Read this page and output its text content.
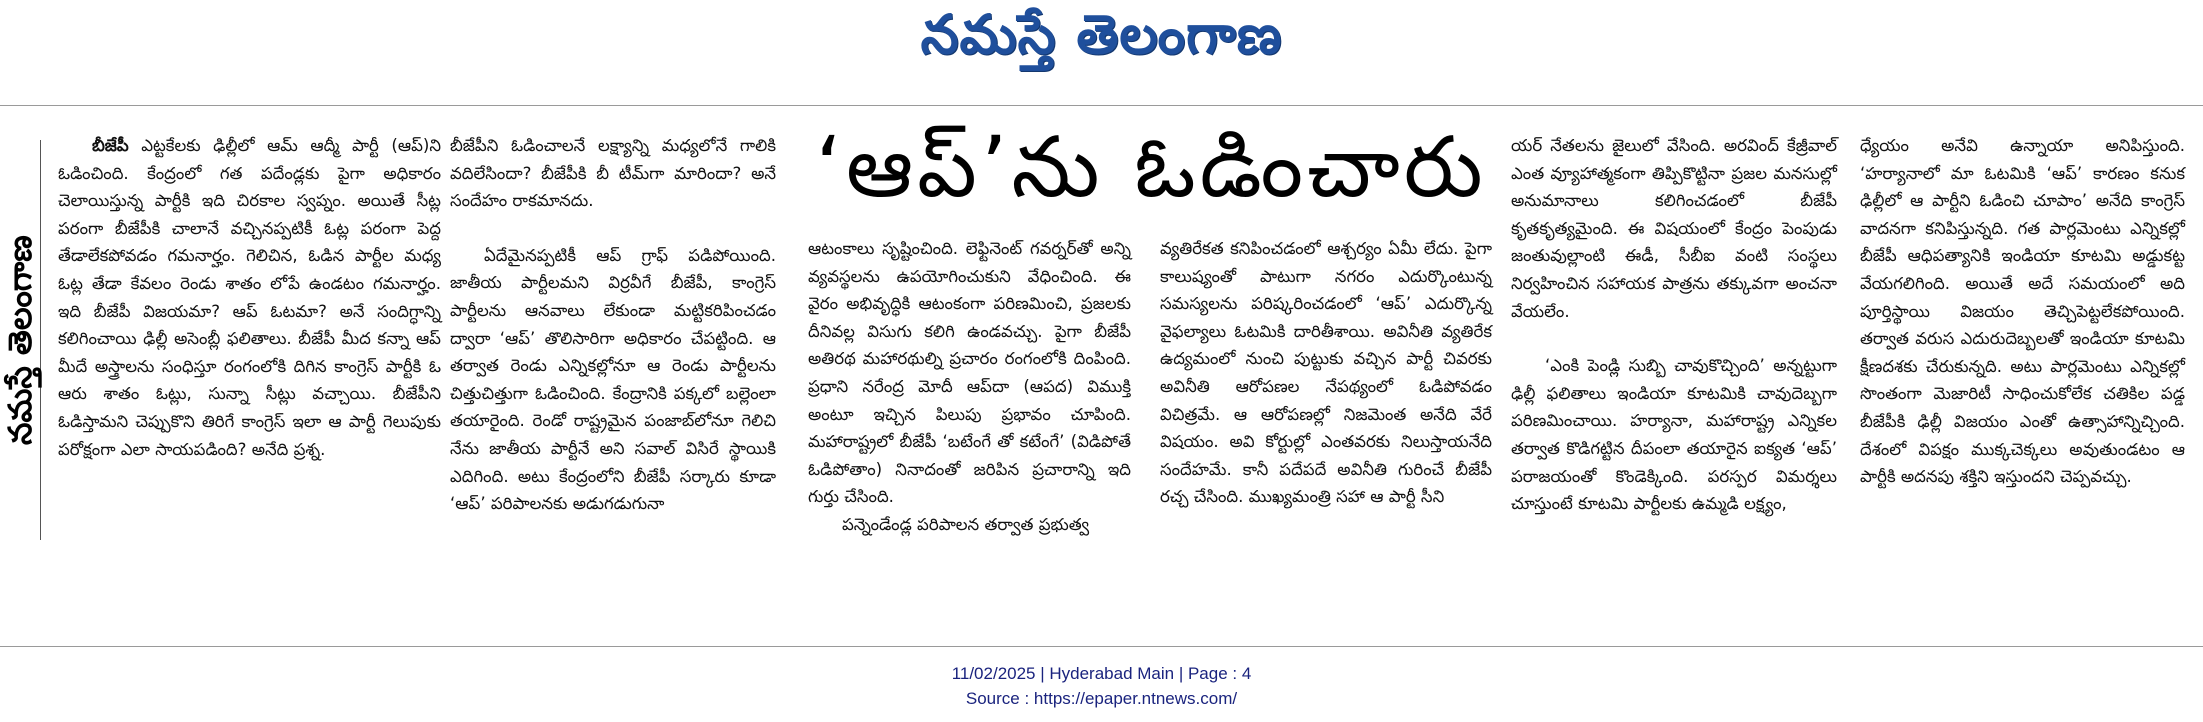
నమస్తే తెలంగాణ
నమస్తే తెలంగాణ

బీజేపీ ఎట్టకేలకు ఢిల్లీలో ఆమ్ ఆద్మీ పార్టీ (ఆప్)ని ఓడించింది. కేంద్రంలో గత పదేండ్లకు పైగా అధికారం చెలాయిస్తున్న పార్టీకి ఇది చిరకాల స్వప్నం. అయితే సీట్ల పరంగా బీజేపీకి చాలానే వచ్చినప్పటికీ ఓట్ల పరంగా పెద్ద తేడాలేకపోవడం గమనార్హం. గెలిచిన, ఓడిన పార్టీల మధ్య ఓట్ల తేడా కేవలం రెండు శాతం లోపే ఉండటం గమనార్హం. ఇది బీజేపీ విజయమా? ఆప్ ఓటమా? అనే సందిగ్ధాన్ని కలిగించాయి ఢిల్లీ అసెంబ్లీ ఫలితాలు. బీజేపీ మీద కన్నా ఆప్ మీదే అస్త్రాలను సంధిస్తూ రంగంలోకి దిగిన కాంగ్రెస్ పార్టీకి ఓ ఆరు శాతం ఓట్లు, సున్నా సీట్లు వచ్చాయి. బీజేపీని ఓడిస్తామని చెప్పుకొని తిరిగే కాంగ్రెస్ ఇలా ఆ పార్టీ గెలుపుకు పరోక్షంగా ఎలా సాయపడింది? అనేది ప్రశ్న.

బీజేపీని ఓడించాలనే లక్ష్యాన్ని మధ్యలోనే గాలికి వదిలేసిందా? బీజేపీకి బీ టీమ్‌గా మారిందా? అనే సందేహం రాకమానదు.

ఏదేమైనప్పటికీ ఆప్ గ్రాఫ్ పడిపోయింది. జాతీయ పార్టీలమని విర్రవీగే బీజేపీ, కాంగ్రెస్ పార్టీలను ఆనవాలు లేకుండా మట్టికరిపించడం ద్వారా ‘ఆప్’ తొలిసారిగా అధికారం చేపట్టింది. ఆ తర్వాత రెండు ఎన్నికల్లోనూ ఆ రెండు పార్టీలను చిత్తుచిత్తుగా ఓడించింది. కేంద్రానికి పక్కలో బల్లెంలా తయారైంది. రెండో రాష్ట్రమైన పంజాబ్‌లోనూ గెలిచి నేను జాతీయ పార్టీనే అని సవాల్ విసిరే స్థాయికి ఎదిగింది. అటు కేంద్రంలోని బీజేపీ సర్కారు కూడా ‘ఆప్’ పరిపాలనకు అడుగడుగునా

‘ఆప్’ను ఓడించారు

ఆటంకాలు సృష్టించింది. లెఫ్టినెంట్ గవర్నర్‌తో అన్ని వ్యవస్థలను ఉపయోగించుకుని వేధించింది. ఈ వైరం అభివృద్ధికి ఆటంకంగా పరిణమించి, ప్రజలకు దీనివల్ల విసుగు కలిగి ఉండవచ్చు. పైగా బీజేపీ అతిరథ మహారథుల్ని ప్రచారం రంగంలోకి దింపింది. ప్రధాని నరేంద్ర మోదీ ఆప్‌దా (ఆపద) విముక్తి అంటూ ఇచ్చిన పిలుపు ప్రభావం చూపింది. మహారాష్ట్రలో బీజేపీ ‘బటేంగే తో కటేంగే’ (విడిపోతే ఓడిపోతాం) నినాదంతో జరిపిన ప్రచారాన్ని ఇది గుర్తు చేసింది.

పన్నెండేండ్ల పరిపాలన తర్వాత ప్రభుత్వ

వ్యతిరేకత కనిపించడంలో ఆశ్చర్యం ఏమీ లేదు. పైగా కాలుష్యంతో పాటుగా నగరం ఎదుర్కొంటున్న సమస్యలను పరిష్కరించడంలో ‘ఆప్’ ఎదుర్కొన్న వైఫల్యాలు ఓటమికి దారితీశాయి. అవినీతి వ్యతిరేక ఉద్యమంలో నుంచి పుట్టుకు వచ్చిన పార్టీ చివరకు అవినీతి ఆరోపణల నేపథ్యంలో ఓడిపోవడం విచిత్రమే. ఆ ఆరోపణల్లో నిజమెంత అనేది వేరే విషయం. అవి కోర్టుల్లో ఎంతవరకు నిలుస్తాయనేది సందేహమే. కానీ పదేపదే అవినీతి గురించే బీజేపీ రచ్చ చేసింది. ముఖ్యమంత్రి సహా ఆ పార్టీ సీని

యర్ నేతలను జైలులో వేసింది. అరవింద్ కేజ్రీవాల్ ఎంత వ్యూహాత్మకంగా తిప్పికొట్టినా ప్రజల మనసుల్లో అనుమానాలు కలిగించడంలో బీజేపీ కృతకృత్యమైంది. ఈ విషయంలో కేంద్రం పెంపుడు జంతువుల్లాంటి ఈడీ, సీబీఐ వంటి సంస్థలు నిర్వహించిన సహాయక పాత్రను తక్కువగా అంచనా వేయలేం.

‘ఎంకి పెండ్లి సుబ్బి చావుకొచ్చింది’ అన్నట్టుగా ఢిల్లీ ఫలితాలు ఇండియా కూటమికి చావుదెబ్బగా పరిణమించాయి. హర్యానా, మహారాష్ట్ర ఎన్నికల తర్వాత కొడిగట్టిన దీపంలా తయారైన ఐక్యత ‘ఆప్’ పరాజయంతో కొండెక్కింది. పరస్పర విమర్శలు చూస్తుంటే కూటమి పార్టీలకు ఉమ్మడి లక్ష్యం,

ధ్యేయం అనేవి ఉన్నాయా అనిపిస్తుంది. ‘హర్యానాలో మా ఓటమికి ‘ఆప్’ కారణం కనుక ఢిల్లీలో ఆ పార్టీని ఓడించి చూపాం’ అనేది కాంగ్రెస్ వాదనగా కనిపిస్తున్నది. గత పార్లమెంటు ఎన్నికల్లో బీజేపీ ఆధిపత్యానికి ఇండియా కూటమి అడ్డుకట్ట వేయగలిగింది. అయితే అదే సమయంలో అది పూర్తిస్థాయి విజయం తెచ్చిపెట్టలేకపోయింది. తర్వాత వరుస ఎదురుదెబ్బలతో ఇండియా కూటమి క్షీణదశకు చేరుకున్నది. అటు పార్లమెంటు ఎన్నికల్లో సొంతంగా మెజారిటీ సాధించుకోలేక చతికిల పడ్డ బీజేపీకి ఢిల్లీ విజయం ఎంతో ఉత్సాహాన్నిచ్చింది. దేశంలో విపక్షం ముక్కచెక్కలు అవుతుండటం ఆ పార్టీకి అదనపు శక్తిని ఇస్తుందని చెప్పవచ్చు.

11/02/2025 | Hyderabad Main | Page : 4
Source : https://epaper.ntnews.com/
